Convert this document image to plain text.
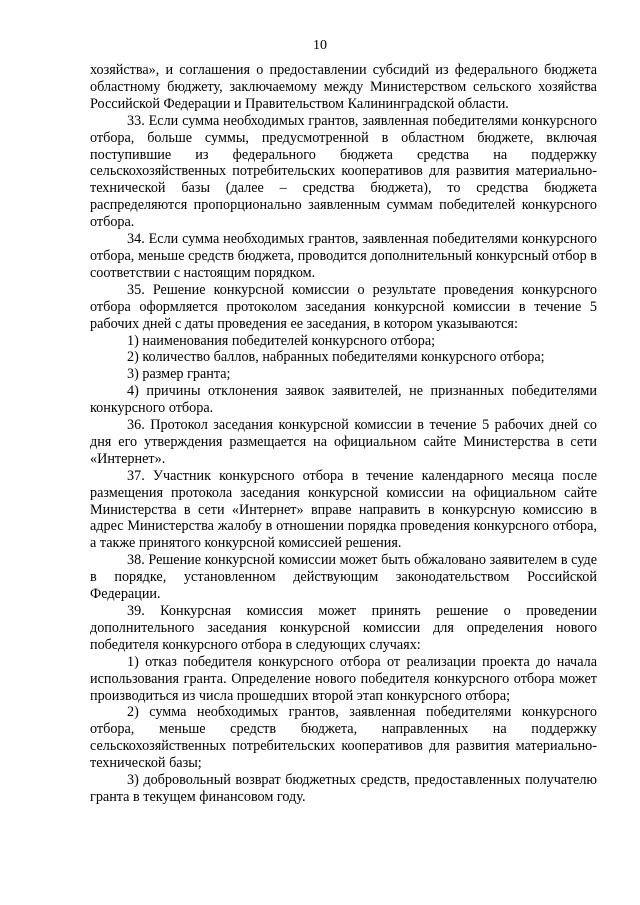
10

хозяйства», и соглашения о предоставлении субсидий из федерального бюджета областному бюджету, заключаемому между Министерством сельского хозяйства Российской Федерации и Правительством Калининградской области.

33. Если сумма необходимых грантов, заявленная победителями конкурсного отбора, больше суммы, предусмотренной в областном бюджете, включая поступившие из федерального бюджета средства на поддержку сельскохозяйственных потребительских кооперативов для развития материально-технической базы (далее – средства бюджета), то средства бюджета распределяются пропорционально заявленным суммам победителей конкурсного отбора.

34. Если сумма необходимых грантов, заявленная победителями конкурсного отбора, меньше средств бюджета, проводится дополнительный конкурсный отбор в соответствии с настоящим порядком.

35. Решение конкурсной комиссии о результате проведения конкурсного отбора оформляется протоколом заседания конкурсной комиссии в течение 5 рабочих дней с даты проведения ее заседания, в котором указываются:

1) наименования победителей конкурсного отбора;

2) количество баллов, набранных победителями конкурсного отбора;

3) размер гранта;

4) причины отклонения заявок заявителей, не признанных победителями конкурсного отбора.

36. Протокол заседания конкурсной комиссии в течение 5 рабочих дней со дня его утверждения размещается на официальном сайте Министерства в сети «Интернет».

37. Участник конкурсного отбора в течение календарного месяца после размещения протокола заседания конкурсной комиссии на официальном сайте Министерства в сети «Интернет» вправе направить в конкурсную комиссию в адрес Министерства жалобу в отношении порядка проведения конкурсного отбора, а также принятого конкурсной комиссией решения.

38. Решение конкурсной комиссии может быть обжаловано заявителем в суде в порядке, установленном действующим законодательством Российской Федерации.

39. Конкурсная комиссия может принять решение о проведении дополнительного заседания конкурсной комиссии для определения нового победителя конкурсного отбора в следующих случаях:

1) отказ победителя конкурсного отбора от реализации проекта до начала использования гранта. Определение нового победителя конкурсного отбора может производиться из числа прошедших второй этап конкурсного отбора;

2) сумма необходимых грантов, заявленная победителями конкурсного отбора, меньше средств бюджета, направленных на поддержку сельскохозяйственных потребительских кооперативов для развития материально-технической базы;

3) добровольный возврат бюджетных средств, предоставленных получателю гранта в текущем финансовом году.
